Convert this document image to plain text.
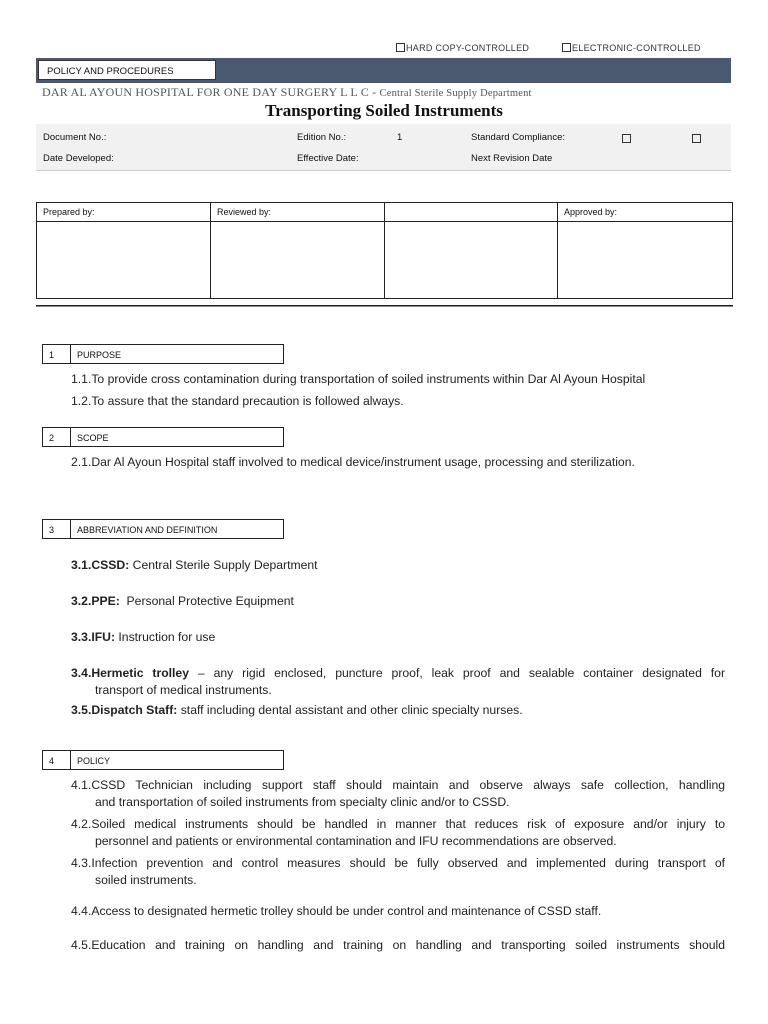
HARD COPY-CONTROLLED	ELECTRONIC-CONTROLLED
POLICY AND PROCEDURES
DAR AL AYOUN HOSPITAL FOR ONE DAY SURGERY L L C - Central Sterile Supply Department
Transporting Soiled Instruments
Document No.:	Edition No.:	1	Standard Compliance:
Date Developed:	Effective Date:	Next Revision Date
Prepared by:	Reviewed by:		Approved by:

1	PURPOSE
1.1.To provide cross contamination during transportation of soiled instruments within Dar Al Ayoun Hospital
1.2.To assure that the standard precaution is followed always.
2	SCOPE
2.1.Dar Al Ayoun Hospital staff involved to medical device/instrument usage, processing and sterilization.
3	ABBREVIATION AND DEFINITION
3.1.CSSD: Central Sterile Supply Department
3.2.PPE:  Personal Protective Equipment
3.3.IFU: Instruction for use
3.4.Hermetic trolley – any rigid enclosed, puncture proof, leak proof and sealable container designated for
transport of medical instruments.
3.5.Dispatch Staff: staff including dental assistant and other clinic specialty nurses.
4	POLICY
4.1.CSSD Technician including support staff should maintain and observe always safe collection, handling
and transportation of soiled instruments from specialty clinic and/or to CSSD.
4.2.Soiled medical instruments should be handled in manner that reduces risk of exposure and/or injury to
personnel and patients or environmental contamination and IFU recommendations are observed.
4.3.Infection prevention and control measures should be fully observed and implemented during transport of
soiled instruments.
4.4.Access to designated hermetic trolley should be under control and maintenance of CSSD staff.
4.5.Education and training on handling and training on handling and transporting soiled instruments should
